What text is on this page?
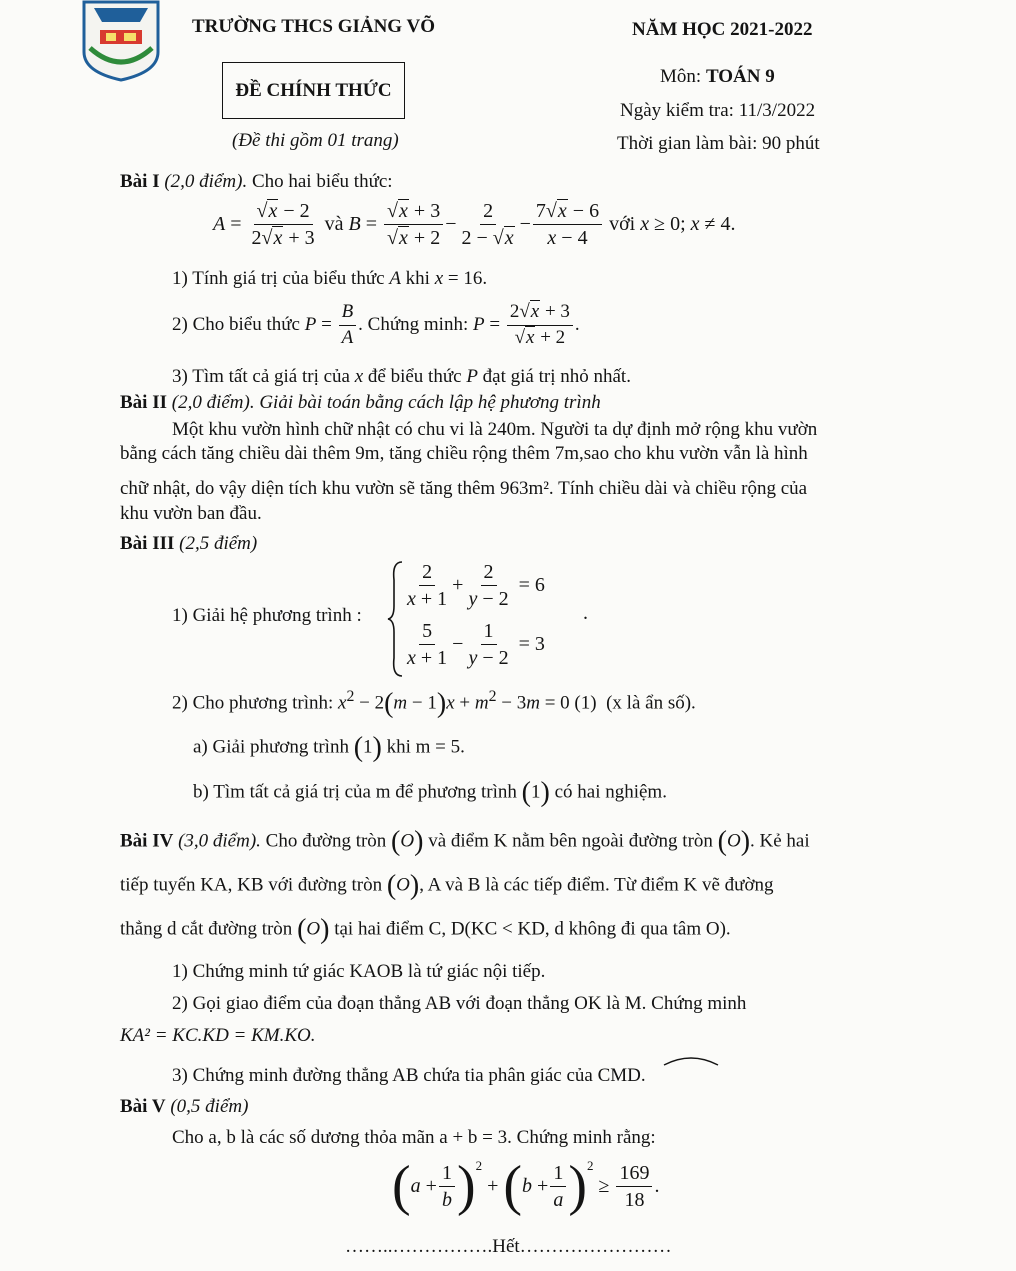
TRƯỜNG THCS GIẢNG VÕ	NĂM HỌC 2021-2022
ĐỀ CHÍNH THỨC
Môn: TOÁN 9
Ngày kiểm tra: 11/3/2022
(Đề thi gồm 01 trang)	Thời gian làm bài: 90 phút
Bài I (2,0 điểm). Cho hai biểu thức:
$A = \frac{√x - 2}{2√x + 3}$ và $B = \frac{√x + 3}{√x + 2} - \frac{2}{2 - √x} - \frac{7√x - 6}{x - 4}$ với x ≥ 0; x ≠ 4.
1) Tính giá trị của biểu thức A khi x = 16.
2) Cho biểu thức
$P = \frac{B}{A}$ . Chứng minh:
$P = \frac{2√x + 3}{√x + 2}$ .
3) Tìm tất cả giá trị của x để biểu thức P đạt giá trị nhỏ nhất.
Bài II (2,0 điểm). Giải bài toán bằng cách lập hệ phương trình
Một khu vườn hình chữ nhật có chu vi là 240m. Người ta dự định mở rộng khu vườn
bằng cách tăng chiều dài thêm 9m, tăng chiều rộng thêm 7m,sao cho khu vườn vẫn là hình
chữ nhật, do vậy diện tích khu vườn sẽ tăng thêm 963m². Tính chiều dài và chiều rộng của
khu vườn ban đầu.
Bài III (2,5 điểm)
1) Giải hệ phương trình :
$\frac{2}{x + 1} + \frac{2}{y - 2} = 6$
$\frac{5}{x + 1} - \frac{1}{y - 2} = 3$
.
2) Cho phương trình: $x^2 - 2(m - 1)x + m^2 - 3m = 0$ (1)  (x là ẩn số).
a) Giải phương trình (1) khi m = 5.
b) Tìm tất cả giá trị của m để phương trình (1) có hai nghiệm.
Bài IV (3,0 điểm). Cho đường tròn (O) và điểm K nằm bên ngoài đường tròn (O). Kẻ hai
tiếp tuyến KA, KB với đường tròn (O), A và B là các tiếp điểm. Từ điểm K vẽ đường
thẳng d cắt đường tròn (O) tại hai điểm C, D(KC < KD, d không đi qua tâm O).
1) Chứng minh tứ giác KAOB là tứ giác nội tiếp.
2) Gọi giao điểm của đoạn thẳng AB với đoạn thẳng OK là M. Chứng minh
KA² = KC.KD = KM.KO.
3) Chứng minh đường thẳng AB chứa tia phân giác của CMD.
Bài V (0,5 điểm)
Cho a, b là các số dương thỏa mãn a + b = 3. Chứng minh rằng:
( $a + \frac{1}{b} )^2$
+ ( $b + \frac{1}{a} )^2$
≥ $\frac{169}{18}$ .
……..…………….Hết……………………
